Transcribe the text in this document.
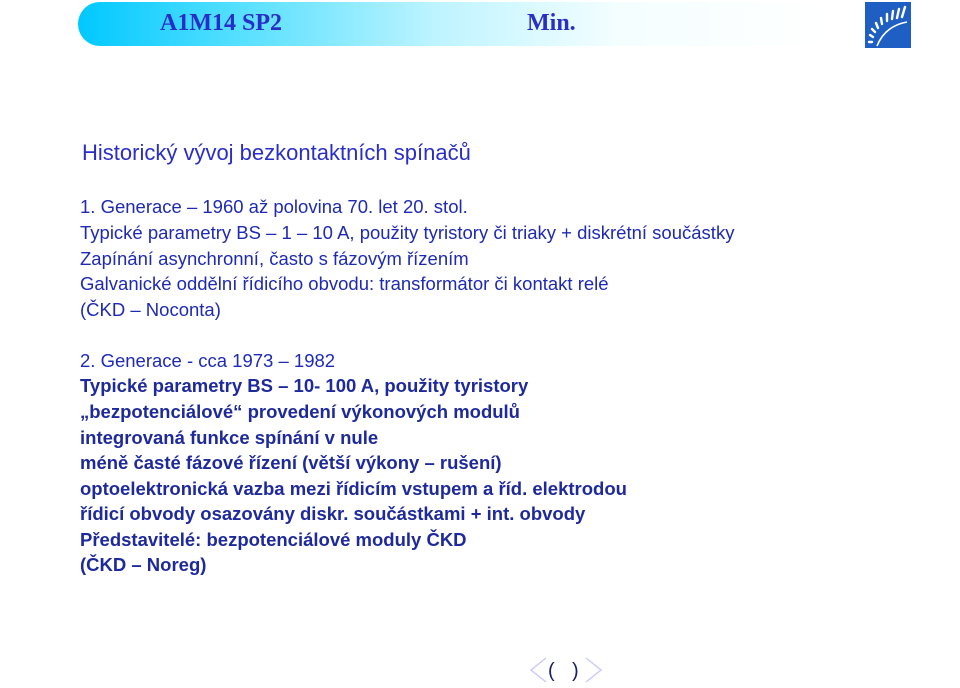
A1M14 SP2	Min.
Historický vývoj bezkontaktních spínačů
1. Generace – 1960 až polovina 70. let 20. stol.
Typické parametry BS – 1 – 10 A, použity tyristory či triaky + diskrétní součástky
Zapínání asynchronní, často s fázovým řízením
Galvanické oddělní řídicího obvodu: transformátor či kontakt relé
(ČKD – Noconta)
2. Generace - cca 1973 – 1982
Typické parametry BS – 10- 100 A, použity tyristory
„bezpotenciálové“ provedení výkonových modulů
integrovaná funkce spínání v nule
méně časté fázové řízení (větší výkony – rušení)
optoelektronická vazba mezi řídicím vstupem a říd. elektrodou
řídicí obvody osazovány diskr. součástkami + int. obvody
Představitelé: bezpotenciálové moduly ČKD
(ČKD – Noreg)
( )
